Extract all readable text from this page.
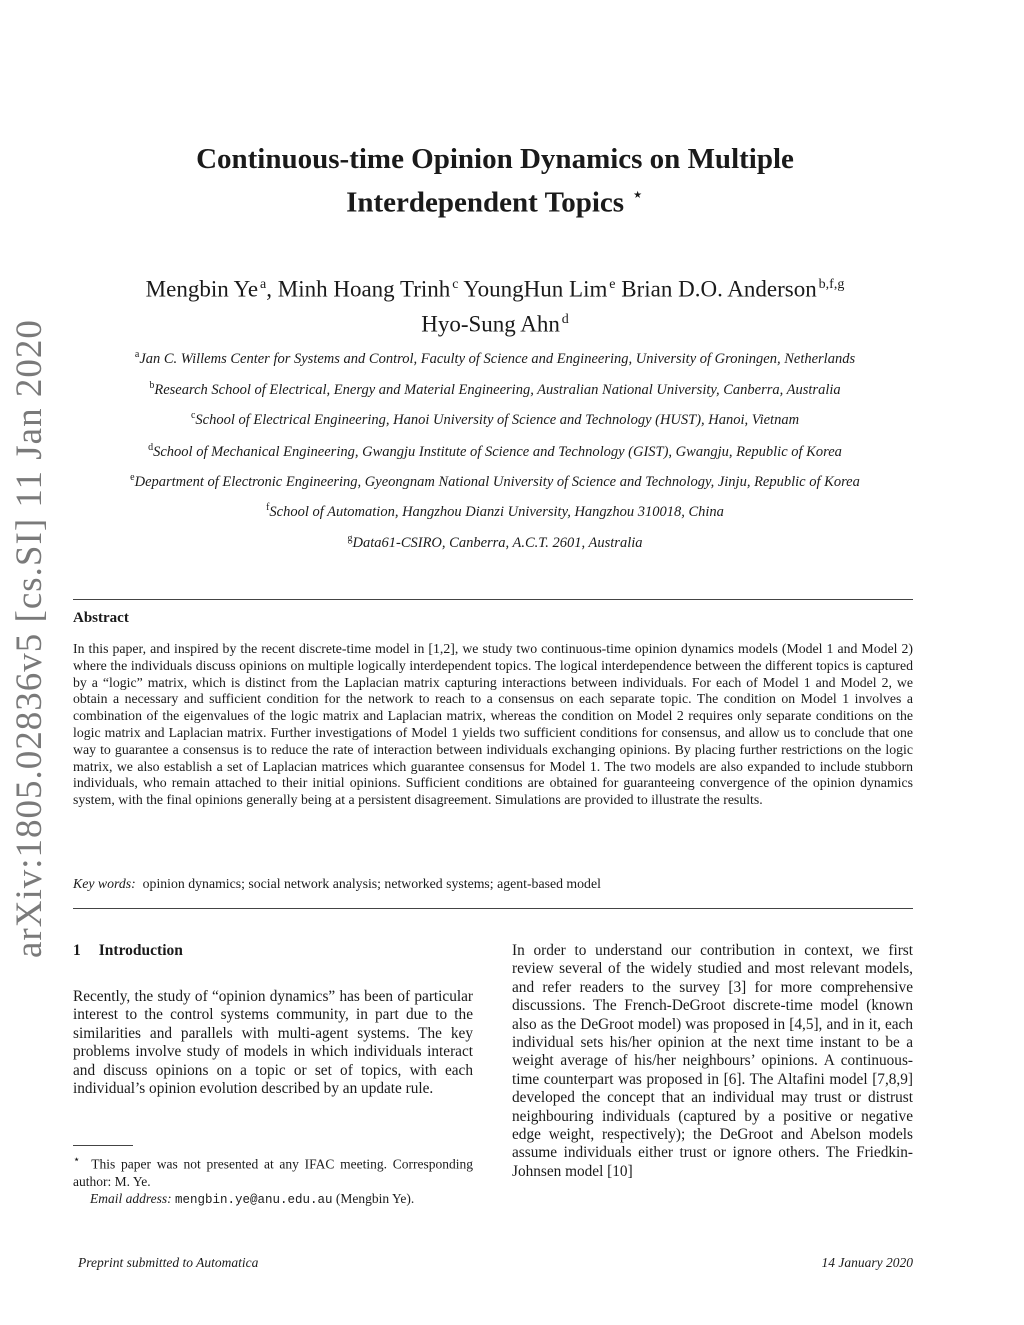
arXiv:1805.02836v5 [cs.SI] 11 Jan 2020
Continuous-time Opinion Dynamics on Multiple
Interdependent Topics ⋆
Mengbin Ye  $^a$, Minh Hoang Trinh  $^c$ YoungHun Lim  $^e$ Brian D.O. Anderson  $^{b,f,g}$
Hyo-Sung Ahn  $^d$
$^a$Jan C. Willems Center for Systems and Control, Faculty of Science and Engineering, University of Groningen, Netherlands
$^b$Research School of Electrical, Energy and Material Engineering, Australian National University, Canberra, Australia
$^c$School of Electrical Engineering, Hanoi University of Science and Technology (HUST), Hanoi, Vietnam
$^d$School of Mechanical Engineering, Gwangju Institute of Science and Technology (GIST), Gwangju, Republic of Korea
$^e$Department of Electronic Engineering, Gyeongnam National University of Science and Technology, Jinju, Republic of Korea
$^f$School of Automation, Hangzhou Dianzi University, Hangzhou 310018, China
$^g$Data61-CSIRO, Canberra, A.C.T. 2601, Australia
Abstract
In this paper, and inspired by the recent discrete-time model in [1,2], we study two continuous-time opinion dynamics models (Model 1 and Model 2) where the individuals discuss opinions on multiple logically interdependent topics. The logical interdependence between the different topics is captured by a “logic” matrix, which is distinct from the Laplacian matrix capturing interactions between individuals. For each of Model 1 and Model 2, we obtain a necessary and sufficient condition for the network to reach to a consensus on each separate topic. The condition on Model 1 involves a combination of the eigenvalues of the logic matrix and Laplacian matrix, whereas the condition on Model 2 requires only separate conditions on the logic matrix and Laplacian matrix. Further investigations of Model 1 yields two sufficient conditions for consensus, and allow us to conclude that one way to guarantee a consensus is to reduce the rate of interaction between individuals exchanging opinions. By placing further restrictions on the logic matrix, we also establish a set of Laplacian matrices which guarantee consensus for Model 1. The two models are also expanded to include stubborn individuals, who remain attached to their initial opinions. Sufficient conditions are obtained for guaranteeing convergence of the opinion dynamics system, with the final opinions generally being at a persistent disagreement. Simulations are provided to illustrate the results.
Key words: opinion dynamics; social network analysis; networked systems; agent-based model
1 Introduction
Recently, the study of “opinion dynamics” has been of particular interest to the control systems community, in part due to the similarities and parallels with multi-agent systems. The key problems involve study of models in which individuals interact and discuss opinions on a topic or set of topics, with each individual’s opinion evolution described by an update rule.
In order to understand our contribution in context, we first review several of the widely studied and most relevant models, and refer readers to the survey [3] for more comprehensive discussions. The French-DeGroot discrete-time model (known also as the DeGroot model) was proposed in [4,5], and in it, each individual sets his/her opinion at the next time instant to be a weight average of his/her neighbours’ opinions. A continuous-time counterpart was proposed in [6]. The Altafini model [7,8,9] developed the concept that an individual may trust or distrust neighbouring individuals (captured by a positive or negative edge weight, respectively); the DeGroot and Abelson models assume individuals either trust or ignore others. The Friedkin-Johnsen model [10]
⋆ This paper was not presented at any IFAC meeting. Corresponding author: M. Ye.
Email address: mengbin.ye@anu.edu.au (Mengbin Ye).
Preprint submitted to Automatica	14 January 2020
